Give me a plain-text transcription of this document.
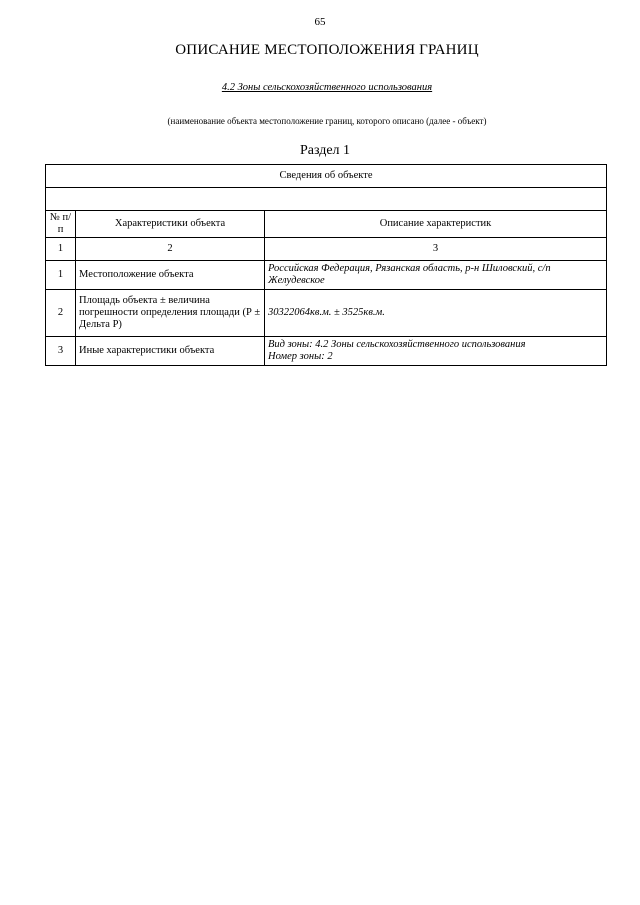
65
ОПИСАНИЕ МЕСТОПОЛОЖЕНИЯ ГРАНИЦ
4.2 Зоны сельскохозяйственного использования
(наименование объекта местоположение границ, которого описано (далее - объект)
Раздел 1
Сведения об объекте		

№ п/п	Характеристики объекта	Описание характеристик
1	2	3
1	Местоположение объекта	Российская Федерация, Рязанская область, р-н Шиловский, с/п Желудевское
2	Площадь объекта ± величина погрешности определения площади (Р ± Дельта Р)	30322064кв.м. ± 3525кв.м.
3	Иные характеристики объекта	Вид зоны: 4.2 Зоны сельскохозяйственного использования
Номер зоны: 2
